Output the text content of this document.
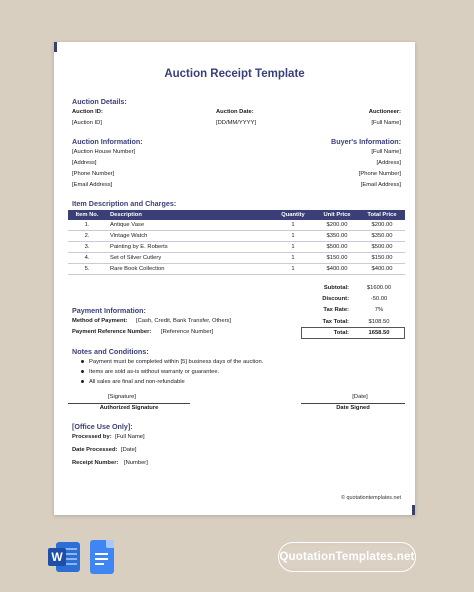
Auction Receipt Template
Auction Details:
Auction ID:
[Auction ID]
Auction Date:
[DD/MM/YYYY]
Auctioneer:
[Full Name]
Auction Information:
[Auction House Number]
[Address]
[Phone Number]
[Email Address]
Buyer's Information:
[Full Name]
[Address]
[Phone Number]
[Email Address]
Item Description and Charges:
Item No.	Description	Quantity	Unit Price	Total Price
1.	Antique Vase	1	$200.00	$200.00
2.	Vintage Watch	1	$350.00	$350.00
3.	Painting by E. Roberts	1	$500.00	$500.00
4.	Set of Silver Cutlery	1	$150.00	$150.00
5.	Rare Book Collection	1	$400.00	$400.00
Subtotal:	$1600.00
Discount:	-50.00
Tax Rate:	7%
Tax Total:	$108.50
Total:	1658.50
Payment Information:
Method of Payment: [Cash, Credit, Bank Transfer, Others]
Payment Reference Number: [Reference Number]
Notes and Conditions:
Payment must be completed within [5] business days of the auction.
Items are sold as-is without warranty or guarantee.
All sales are final and non-refundable
[Signature]
Authorized Signature
[Date]
Date Signed
[Office Use Only]:
Processed by: [Full Name]
Date Processed: [Date]
Receipt Number: [Number]
© quotationtemplates.net
W	QuotationTemplates.net
